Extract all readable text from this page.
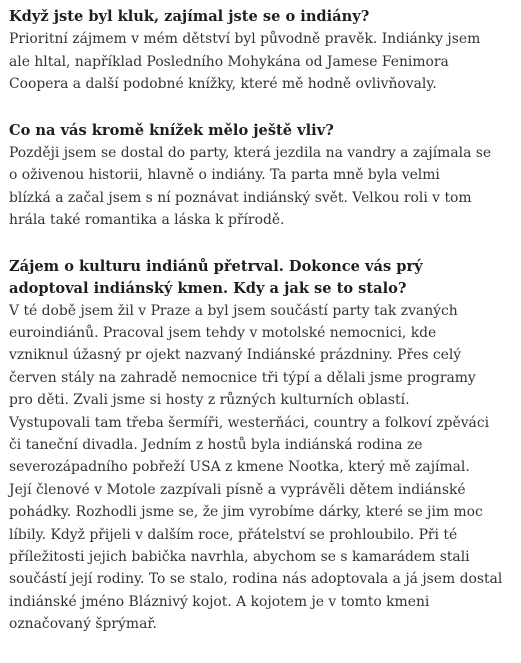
Když jste byl kluk, zajímal jste se o indiány?

Prioritní zájmem v mém dětství byl původně pravěk. Indiánky jsem
ale hltal, například Posledního Mohykána od Jamese Fenimora
Coopera a další podobné knížky, které mě hodně ovlivňovaly.

Co na vás kromě knížek mělo ještě vliv?

Později jsem se dostal do party, která jezdila na vandry a zajímala se
o oživenou historii, hlavně o indiány. Ta parta mně byla velmi
blízká a začal jsem s ní poznávat indiánský svět. Velkou roli v tom
hrála také romantika a láska k přírodě.

Zájem o kulturu indiánů přetrval. Dokonce vás prý
adoptoval indiánský kmen. Kdy a jak se to stalo?

V té době jsem žil v Praze a byl jsem součástí party tak zvaných
euroindiánů. Pracoval jsem tehdy v motolské nemocnici, kde
vzniknul úžasný pr ojekt nazvaný Indiánské prázdniny. Přes celý
červen stály na zahradě nemocnice tři týpí a dělali jsme programy
pro děti. Zvali jsme si hosty z různých kulturních oblastí.
Vystupovali tam třeba šermíři, westerňáci, country a folkoví zpěváci
či taneční divadla. Jedním z hostů byla indiánská rodina ze
severozápadního pobřeží USA z kmene Nootka, který mě zajímal.
Její členové v Motole zazpívali písně a vyprávěli dětem indiánské
pohádky. Rozhodli jsme se, že jim vyrobíme dárky, které se jim moc
líbily. Když přijeli v dalším roce, přátelství se prohloubilo. Při té
příležitosti jejich babička navrhla, abychom se s kamarádem stali
součástí její rodiny. To se stalo, rodina nás adoptovala a já jsem dostal
indiánské jméno Bláznivý kojot. A kojotem je v tomto kmeni
označovaný šprýmař.
